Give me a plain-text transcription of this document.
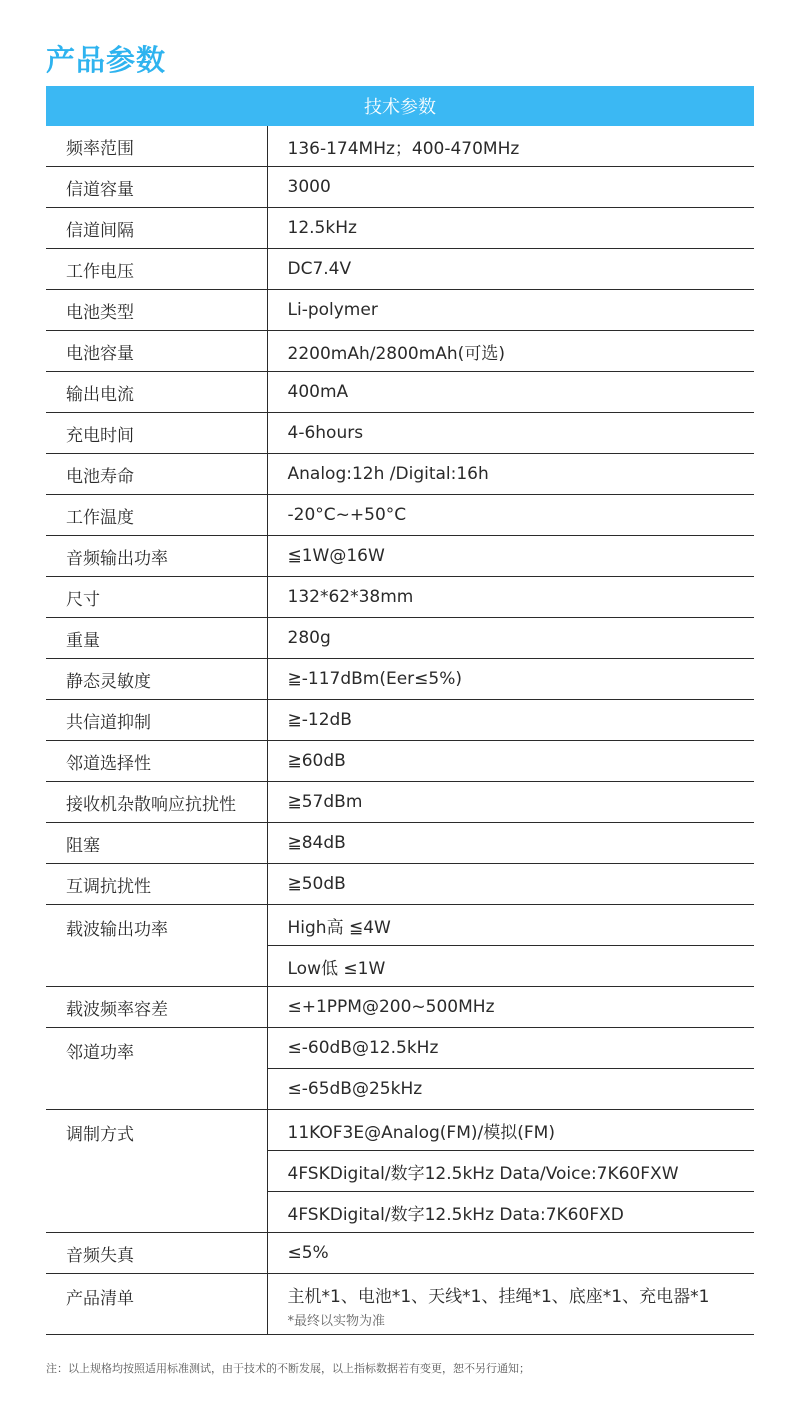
产品参数
技术参数	
频率范围	136-174MHz；400-470MHz
信道容量	3000
信道间隔	12.5kHz
工作电压	DC7.4V
电池类型	Li-polymer
电池容量	2200mAh/2800mAh(可选)
输出电流	400mA
充电时间	4-6hours
电池寿命	Analog:12h /Digital:16h
工作温度	-20°C~+50°C
音频输出功率	≦1W@16W
尺寸	132*62*38mm
重量	280g
静态灵敏度	≧-117dBm(Eer≤5%)
共信道抑制	≧-12dB
邻道选择性	≧60dB
接收机杂散响应抗扰性	≧57dBm
阻塞	≧84dB
互调抗扰性	≧50dB
载波输出功率	High高 ≦4W
	Low低 ≤1W
载波频率容差	≤+1PPM@200~500MHz
邻道功率	≤-60dB@12.5kHz
	≤-65dB@25kHz
调制方式	11KOF3E@Analog(FM)/模拟(FM)
	4FSKDigital/数字12.5kHz Data/Voice:7K60FXW
	4FSKDigital/数字12.5kHz Data:7K60FXD
音频失真	≤5%
产品清单	主机*1、电池*1、天线*1、挂绳*1、底座*1、充电器*1
*最终以实物为准
注：以上规格均按照适用标准测试，由于技术的不断发展，以上指标数据若有变更，恕不另行通知；
